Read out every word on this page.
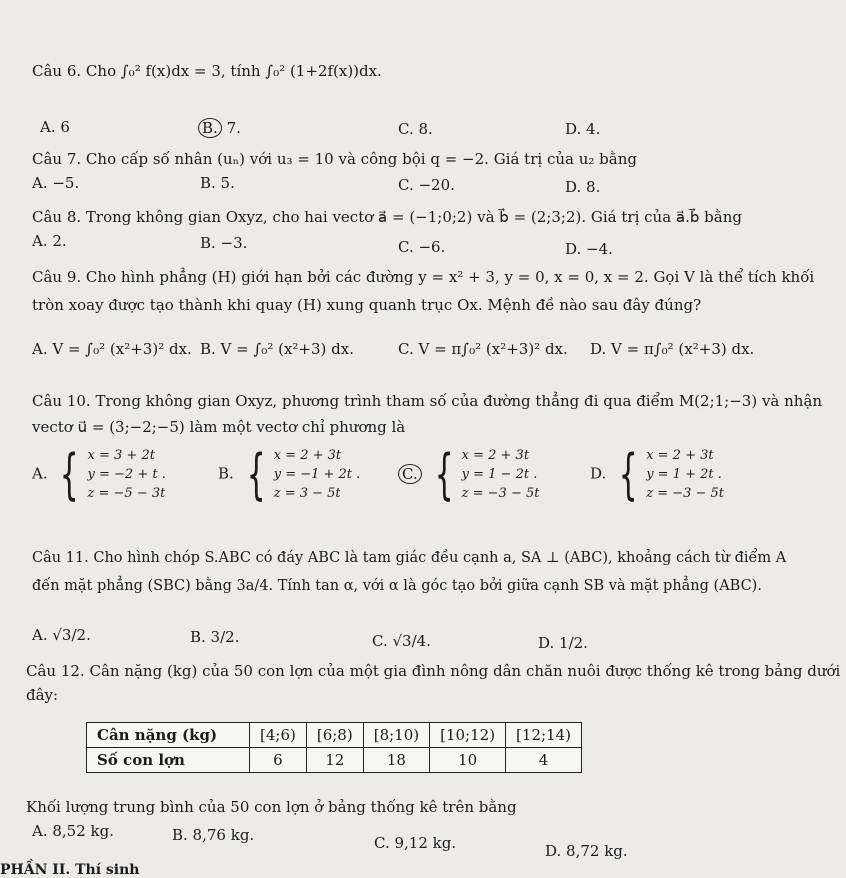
Câu 6. Cho ∫₀² f(x)dx = 3, tính ∫₀² (1+2f(x))dx.
A. 6	B. 7.	C. 8.	D. 4.
Câu 7. Cho cấp số nhân (uₙ) với u₃ = 10 và công bội q = −2. Giá trị của u₂ bằng
A. −5.	B. 5.	C. −20.	D. 8.
Câu 8. Trong không gian Oxyz, cho hai vectơ a⃗ = (−1;0;2) và b⃗ = (2;3;2). Giá trị của a⃗.b⃗ bằng
A. 2.	B. −3.	C. −6.	D. −4.
Câu 9. Cho hình phẳng (H) giới hạn bởi các đường y = x² + 3, y = 0, x = 0, x = 2. Gọi V là thể tích khối
tròn xoay được tạo thành khi quay (H) xung quanh trục Ox. Mệnh đề nào sau đây đúng?
A. V = ∫₀² (x²+3)² dx. B. V = ∫₀² (x²+3) dx.	C. V = π∫₀² (x²+3)² dx. D. V = π∫₀² (x²+3) dx.
Câu 10. Trong không gian Oxyz, phương trình tham số của đường thẳng đi qua điểm M(2;1;−3) và nhận
vectơ u⃗ = (3;−2;−5) làm một vectơ chỉ phương là
A. { x = 3 + 2t
y = −2 + t .
z = −5 − 3t
B. { x = 2 + 3t
y = −1 + 2t .
z = 3 − 5t
C. { x = 2 + 3t
y = 1 − 2t .
z = −3 − 5t
D. { x = 2 + 3t
y = 1 + 2t .
z = −3 − 5t
Câu 11. Cho hình chóp S.ABC có đáy ABC là tam giác đều cạnh a, SA ⊥ (ABC), khoảng cách từ điểm A
đến mặt phẳng (SBC) bằng 3a/4. Tính tan α, với α là góc tạo bởi giữa cạnh SB và mặt phẳng (ABC).
A. √3/2.	B. 3/2.	C. √3/4.	D. 1/2.
Câu 12. Cân nặng (kg) của 50 con lợn của một gia đình nông dân chăn nuôi được thống kê trong bảng dưới
đây:
Cân nặng (kg)	[4;6)	[6;8)	[8;10)	[10;12)	[12;14)
Số con lợn	6	12	18	10	4
Khối lượng trung bình của 50 con lợn ở bảng thống kê trên bằng
A. 8,52 kg.	B. 8,76 kg.	C. 9,12 kg.	D. 8,72 kg.
PHẦN II. Thí sinh
